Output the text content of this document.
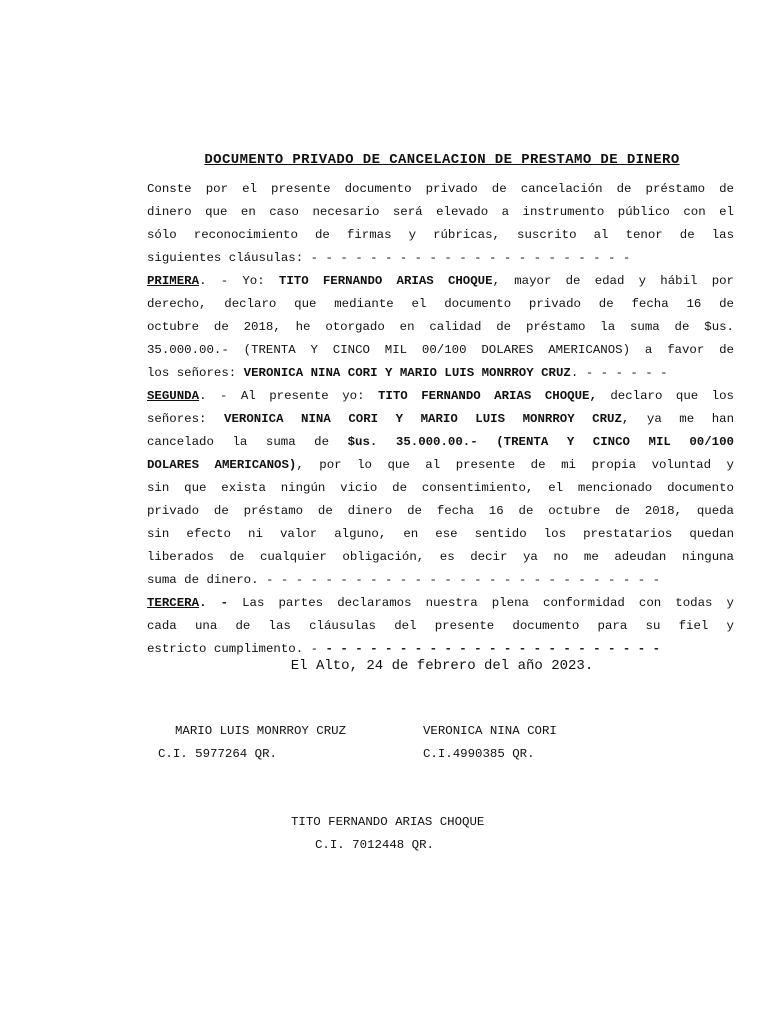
DOCUMENTO PRIVADO DE CANCELACION DE PRESTAMO DE DINERO
Conste por el presente documento privado de cancelación de préstamo de
dinero que en caso necesario será elevado a instrumento público con el
sólo reconocimiento de firmas y rúbricas, suscrito al tenor de las
siguientes cláusulas: - - - - - - - - - - - - - - - - - - - - - -
PRIMERA. - Yo: TITO FERNANDO ARIAS CHOQUE, mayor de edad y hábil por
derecho, declaro que mediante el documento privado de fecha 16 de
octubre de 2018, he otorgado en calidad de préstamo la suma de $us.
35.000.00.- (TRENTA Y CINCO MIL 00/100 DOLARES AMERICANOS) a favor de
los señores: VERONICA NINA CORI Y MARIO LUIS MONRROY CRUZ. - - - - - -
SEGUNDA. - Al presente yo: TITO FERNANDO ARIAS CHOQUE, declaro que los
señores: VERONICA NINA CORI Y MARIO LUIS MONRROY CRUZ, ya me han
cancelado la suma de $us. 35.000.00.- (TRENTA Y CINCO MIL 00/100
DOLARES AMERICANOS), por lo que al presente de mi propia voluntad y
sin que exista ningún vicio de consentimiento, el mencionado documento
privado de préstamo de dinero de fecha 16 de octubre de 2018, queda
sin efecto ni valor alguno, en ese sentido los prestatarios quedan
liberados de cualquier obligación, es decir ya no me adeudan ninguna
suma de dinero. - - - - - - - - - - - - - - - - - - - - - - - - - - -
TERCERA. - Las partes declaramos nuestra plena conformidad con todas y
cada una de las cláusulas del presente documento para su fiel y
estricto cumplimento. - - - - - - - - - - - - - - - - - - - - - - - -
El Alto, 24 de febrero del año 2023.
MARIO LUIS MONRROY CRUZ
C.I. 5977264 QR.
VERONICA NINA CORI
C.I.4990385 QR.
TITO FERNANDO ARIAS CHOQUE
C.I. 7012448 QR.
